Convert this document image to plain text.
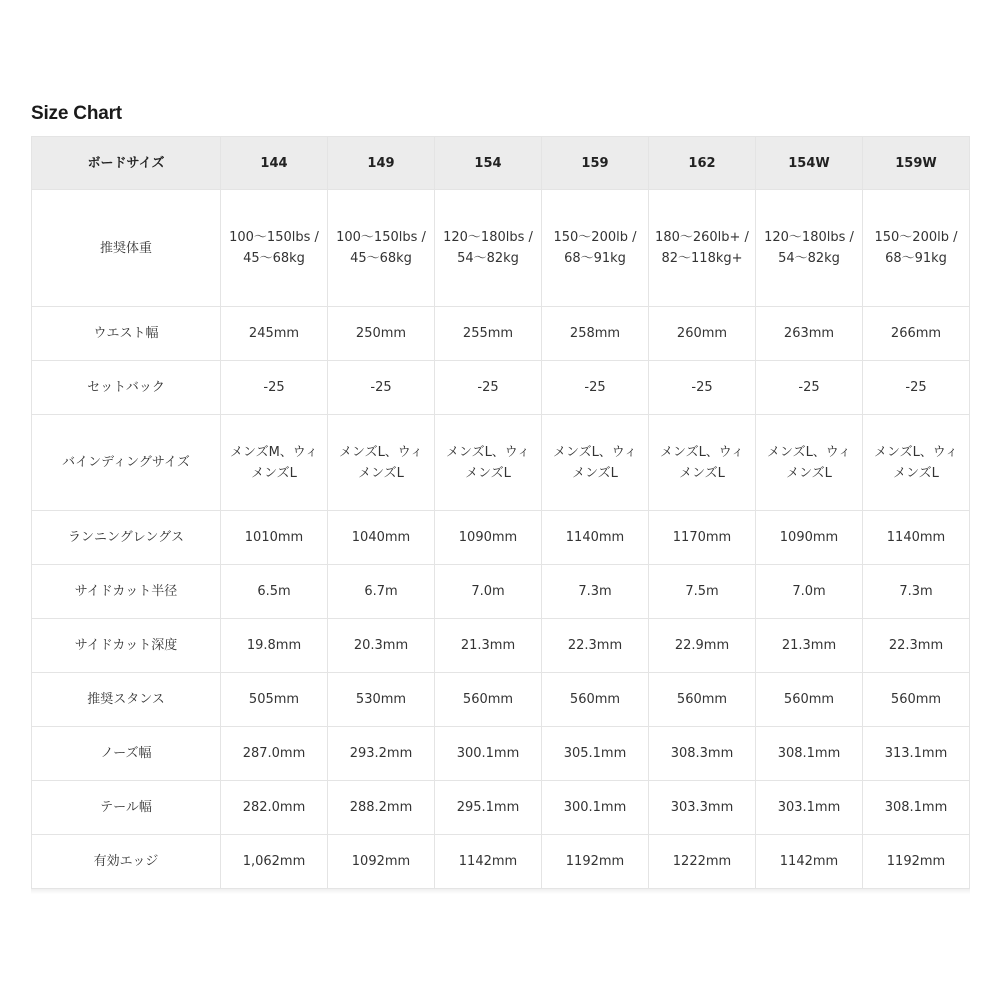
Size Chart
ボードサイズ	144	149	154	159	162	154W	159W
推奨体重	100〜150lbs / 45〜68kg	100〜150lbs / 45〜68kg	120〜180lbs / 54〜82kg	150〜200lb / 68〜91kg	180〜260lb+ / 82〜118kg+	120〜180lbs / 54〜82kg	150〜200lb / 68〜91kg
ウエスト幅	245mm	250mm	255mm	258mm	260mm	263mm	266mm
セットバック	-25	-25	-25	-25	-25	-25	-25
バインディングサイズ	メンズM、ウィメンズL	メンズL、ウィメンズL	メンズL、ウィメンズL	メンズL、ウィメンズL	メンズL、ウィメンズL	メンズL、ウィメンズL	メンズL、ウィメンズL
ランニングレングス	1010mm	1040mm	1090mm	1140mm	1170mm	1090mm	1140mm
サイドカット半径	6.5m	6.7m	7.0m	7.3m	7.5m	7.0m	7.3m
サイドカット深度	19.8mm	20.3mm	21.3mm	22.3mm	22.9mm	21.3mm	22.3mm
推奨スタンス	505mm	530mm	560mm	560mm	560mm	560mm	560mm
ノーズ幅	287.0mm	293.2mm	300.1mm	305.1mm	308.3mm	308.1mm	313.1mm
テール幅	282.0mm	288.2mm	295.1mm	300.1mm	303.3mm	303.1mm	308.1mm
有効エッジ	1,062mm	1092mm	1142mm	1192mm	1222mm	1142mm	1192mm
